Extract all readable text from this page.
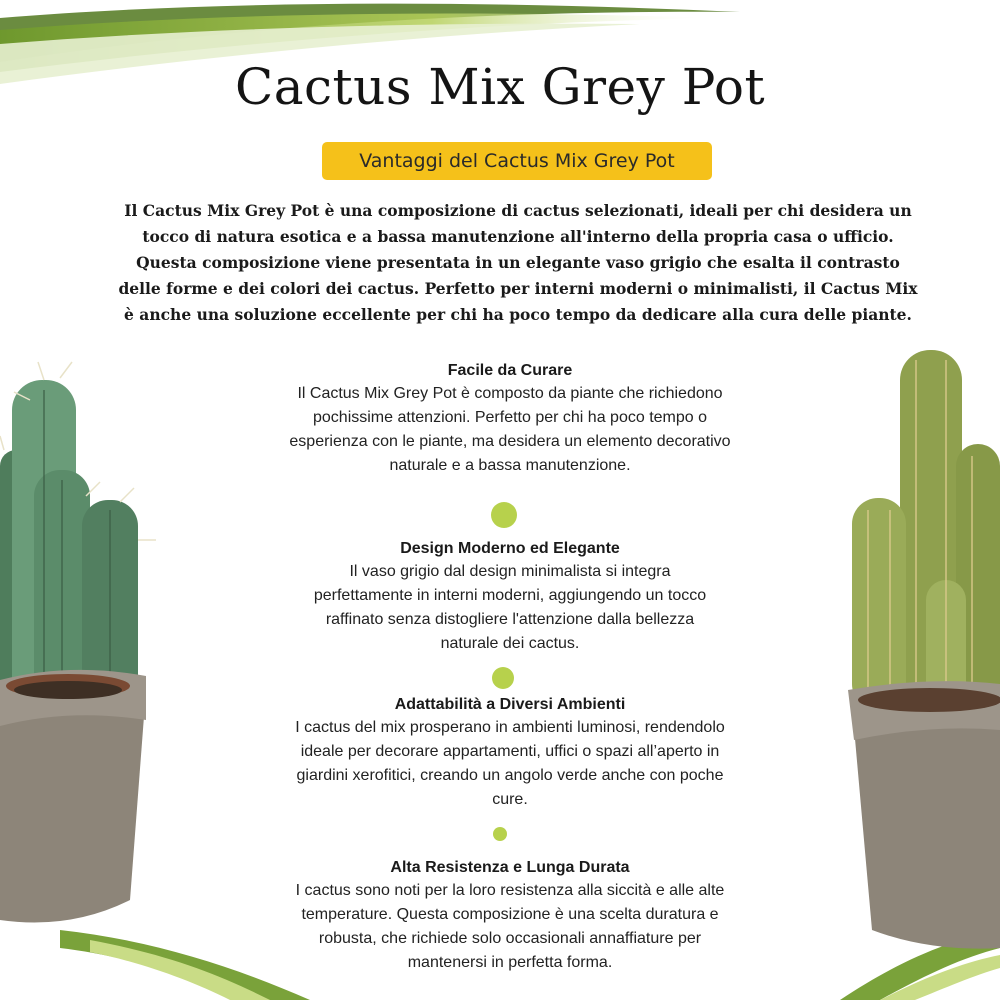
Cactus Mix Grey Pot
Vantaggi del Cactus Mix Grey Pot
Il Cactus Mix Grey Pot è una composizione di cactus selezionati, ideali per chi desidera un
tocco di natura esotica e a bassa manutenzione all'interno della propria casa o ufficio.
Questa composizione viene presentata in un elegante vaso grigio che esalta il contrasto
delle forme e dei colori dei cactus. Perfetto per interni moderni o minimalisti, il Cactus Mix
è anche una soluzione eccellente per chi ha poco tempo da dedicare alla cura delle piante.
Facile da Curare

Il Cactus Mix Grey Pot è composto da piante che richiedono

pochissime attenzioni. Perfetto per chi ha poco tempo o

esperienza con le piante, ma desidera un elemento decorativo

naturale e a bassa manutenzione.

Design Moderno ed Elegante

Il vaso grigio dal design minimalista si integra

perfettamente in interni moderni, aggiungendo un tocco

raffinato senza distogliere l'attenzione dalla bellezza

naturale dei cactus.

Adattabilità a Diversi Ambienti

I cactus del mix prosperano in ambienti luminosi, rendendolo

ideale per decorare appartamenti, uffici o spazi all’aperto in

giardini xerofitici, creando un angolo verde anche con poche

cure.

Alta Resistenza e Lunga Durata

I cactus sono noti per la loro resistenza alla siccità e alle alte

temperature. Questa composizione è una scelta duratura e

robusta, che richiede solo occasionali annaffiature per

mantenersi in perfetta forma.
